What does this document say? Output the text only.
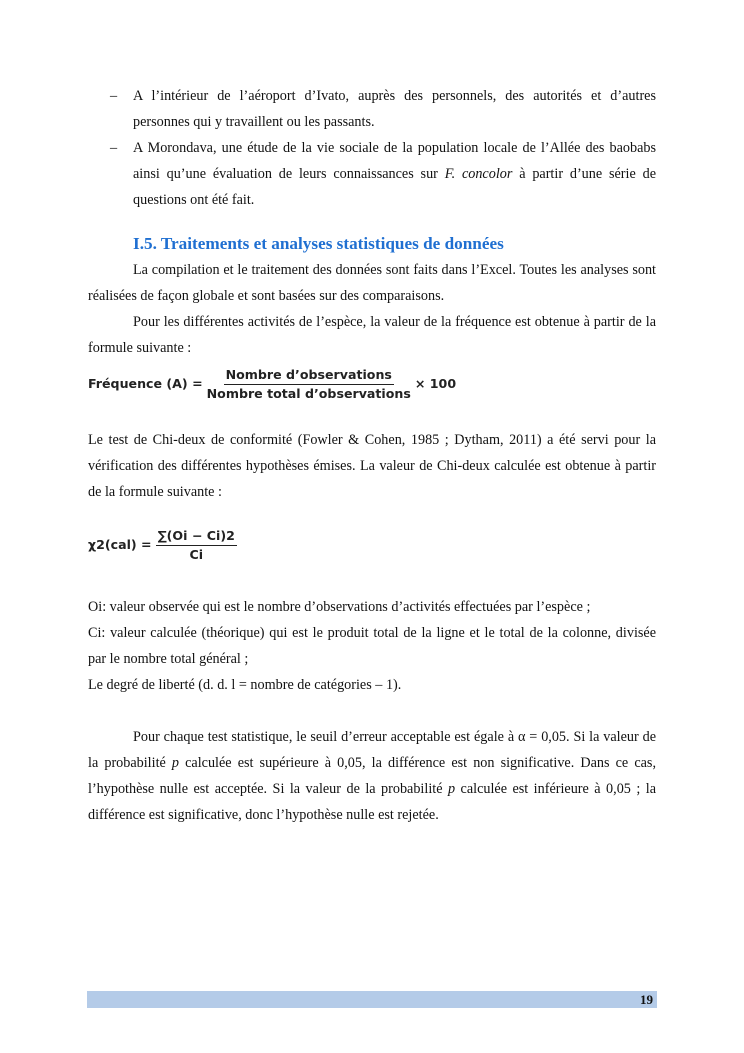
– A l’intérieur de l’aéroport d’Ivato, auprès des personnels, des autorités et d’autres personnes qui y travaillent ou les passants.
– A Morondava, une étude de la vie sociale de la population locale de l’Allée des baobabs ainsi qu’une évaluation de leurs connaissances sur F. concolor à partir d’une série de questions ont été fait.
I.5. Traitements et analyses statistiques de données

La compilation et le traitement des données sont faits dans l’Excel. Toutes les analyses sont réalisées de façon globale et sont basées sur des comparaisons.

Pour les différentes activités de l’espèce, la valeur de la fréquence est obtenue à partir de la formule suivante :

Fréquence $(A) = \frac{\text{Nombre d’observations}}{\text{Nombre total d’observations}} \times 100$

Le test de Chi-deux de conformité (Fowler & Cohen, 1985 ; Dytham, 2011) a été servi pour la vérification des différentes hypothèses émises. La valeur de Chi-deux calculée est obtenue à partir de la formule suivante :

$\chi 2(cal) = \frac{\sum(Oi - Ci)2}{Ci}$

Oi: valeur observée qui est le nombre d’observations d’activités effectuées par l’espèce ;

Ci: valeur calculée (théorique) qui est le produit total de la ligne et le total de la colonne, divisée par le nombre total général ;

Le degré de liberté (d. d. l = nombre de catégories – 1).

Pour chaque test statistique, le seuil d’erreur acceptable est égale à α = 0,05. Si la valeur de la probabilité p calculée est supérieure à 0,05, la différence est non significative. Dans ce cas, l’hypothèse nulle est acceptée. Si la valeur de la probabilité p calculée est inférieure à 0,05 ; la différence est significative, donc l’hypothèse nulle est rejetée.

19
